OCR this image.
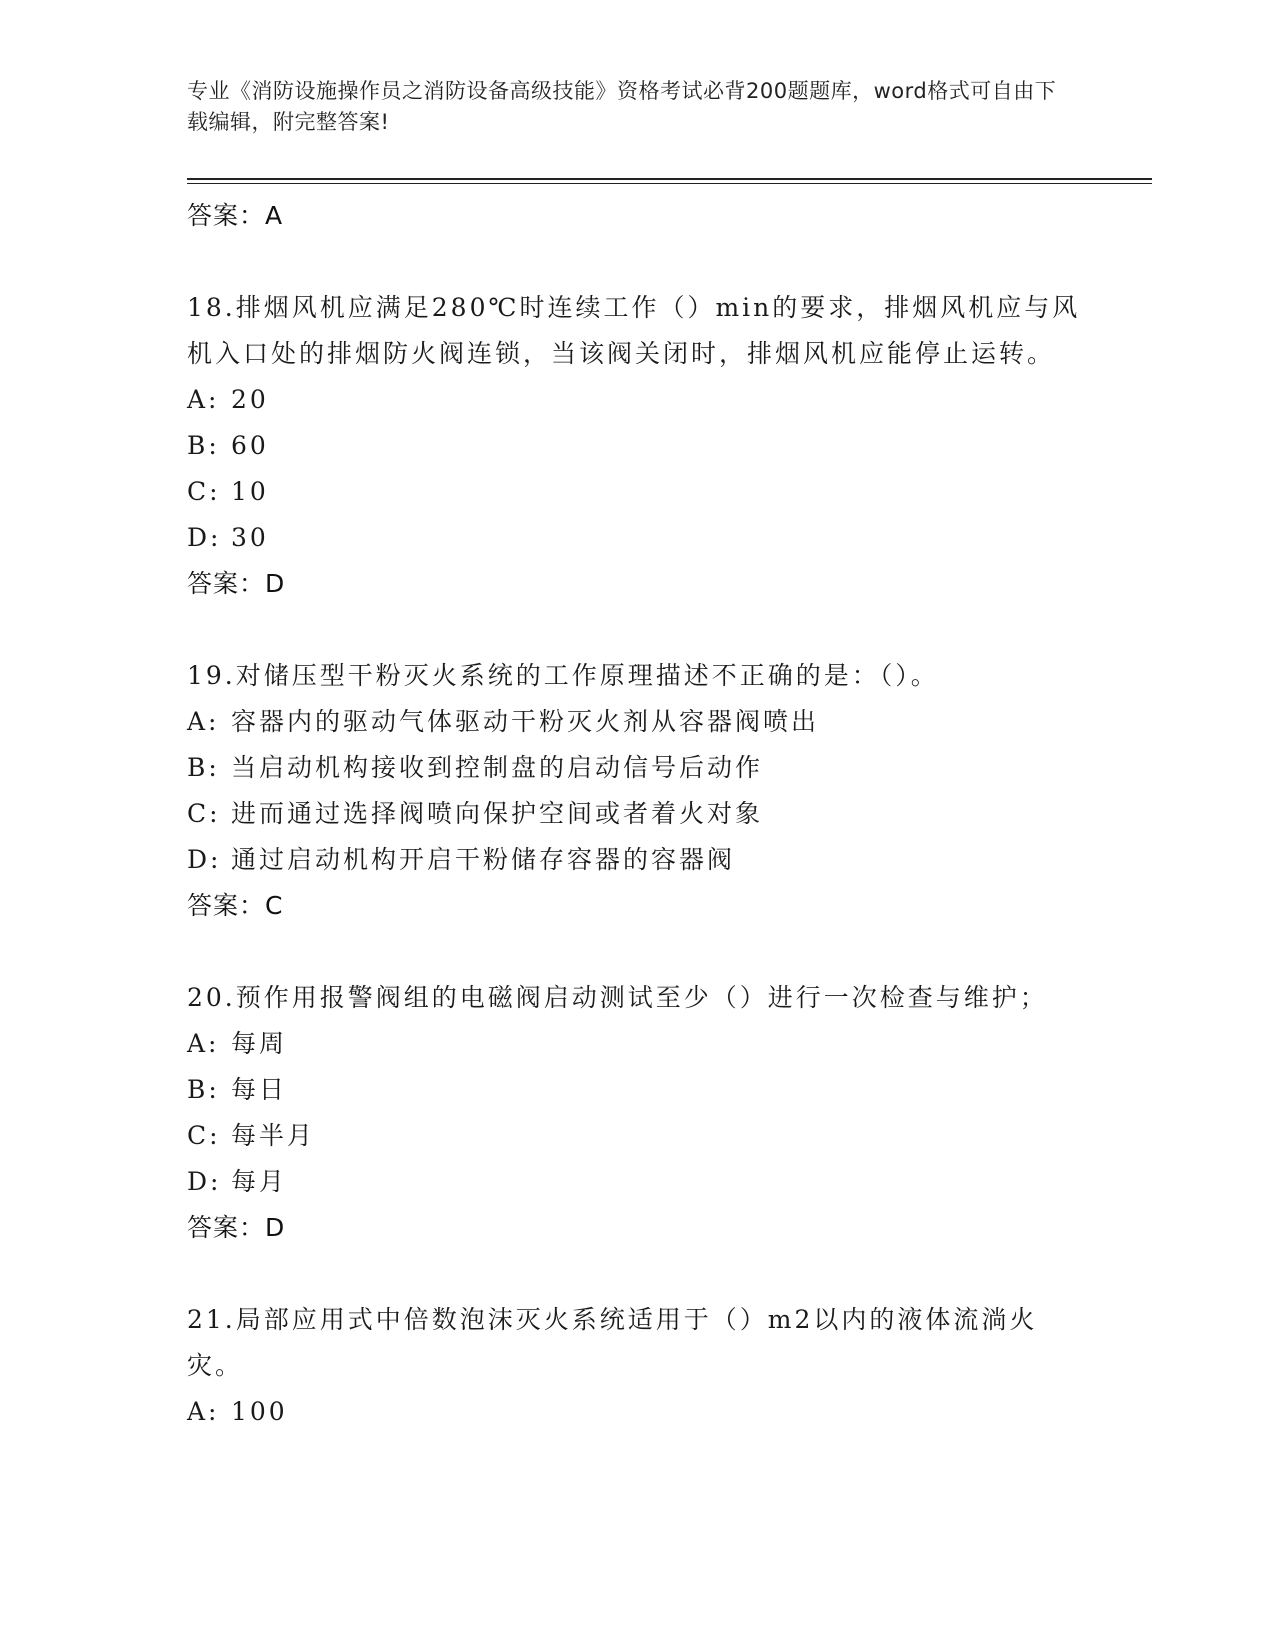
专业《消防设施操作员之消防设备高级技能》资格考试必背200题题库，word格式可自由下载编辑，附完整答案!
答案：A

18.排烟风机应满足280℃时连续工作（）min的要求，排烟风机应与风机入口处的排烟防火阀连锁，当该阀关闭时，排烟风机应能停止运转。

A: 20
B: 60
C: 10
D: 30
答案：D

19.对储压型干粉灭火系统的工作原理描述不正确的是：（）。

A: 容器内的驱动气体驱动干粉灭火剂从容器阀喷出
B: 当启动机构接收到控制盘的启动信号后动作
C: 进而通过选择阀喷向保护空间或者着火对象
D: 通过启动机构开启干粉储存容器的容器阀
答案：C

20.预作用报警阀组的电磁阀启动测试至少（）进行一次检查与维护；

A: 每周
B: 每日
C: 每半月
D: 每月
答案：D

21.局部应用式中倍数泡沫灭火系统适用于（）m2以内的液体流淌火灾。

A: 100
